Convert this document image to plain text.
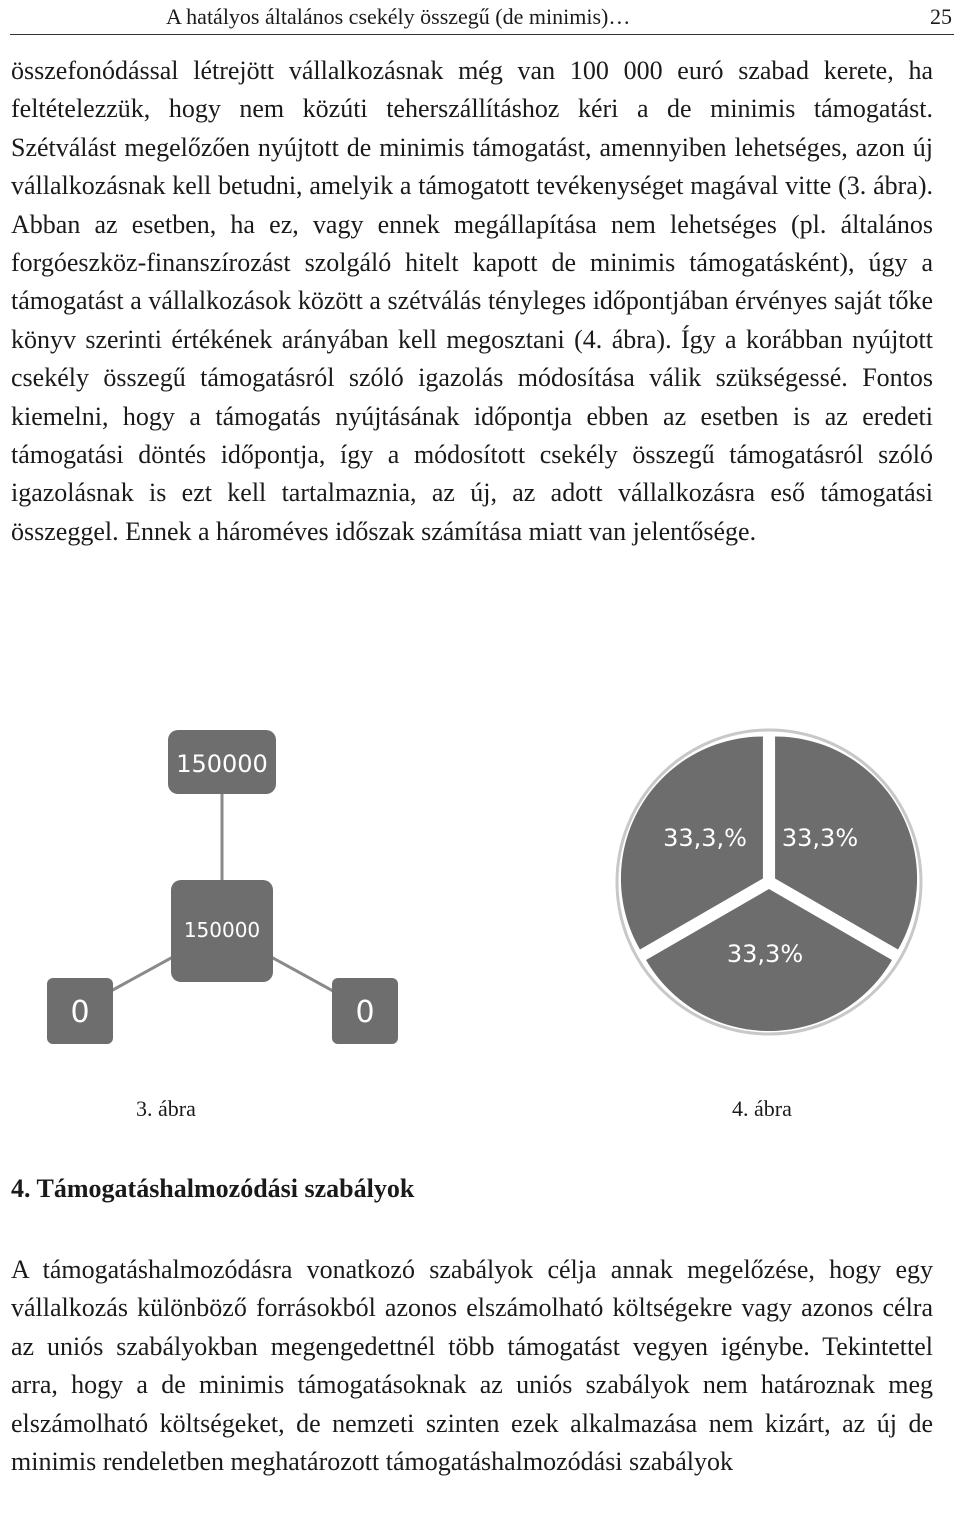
A hatályos általános csekély összegű (de minimis)…	25

összefonódással létrejött vállalkozásnak még van 100 000 euró szabad kerete, ha feltételezzük, hogy nem közúti teherszállításhoz kéri a de minimis támogatást. Szétválást megelőzően nyújtott de minimis támogatást, amennyiben lehetséges, azon új vállalkozásnak kell betudni, amelyik a támogatott tevékenységet magával vitte (3. ábra). Abban az esetben, ha ez, vagy ennek megállapítása nem lehetséges (pl. általános forgóeszköz-finanszírozást szolgáló hitelt kapott de minimis támogatásként), úgy a támogatást a vállalkozások között a szétválás tényleges időpontjában érvényes saját tőke könyv szerinti értékének arányában kell megosztani (4. ábra). Így a korábban nyújtott csekély összegű támogatásról szóló igazolás módosítása válik szükségessé. Fontos kiemelni, hogy a támogatás nyújtásának időpontja ebben az esetben is az eredeti támogatási döntés időpontja, így a módosított csekély összegű támogatásról szóló igazolásnak is ezt kell tartalmaznia, az új, az adott vállalkozásra eső támogatási összeggel. Ennek a hároméves időszak számítása miatt van jelentősége.

150000
150000
0	0
33,3,% 33,3%
33,3%
3. ábra	4. ábra
4. Támogatáshalmozódási szabályok

A támogatáshalmozódásra vonatkozó szabályok célja annak megelőzése, hogy egy vállalkozás különböző forrásokból azonos elszámolható költségekre vagy azonos célra az uniós szabályokban megengedettnél több támogatást vegyen igénybe. Tekintettel arra, hogy a de minimis támogatásoknak az uniós szabályok nem határoznak meg elszámolható költségeket, de nemzeti szinten ezek alkalmazása nem kizárt, az új de minimis rendeletben meghatározott támogatáshalmozódási szabályok
